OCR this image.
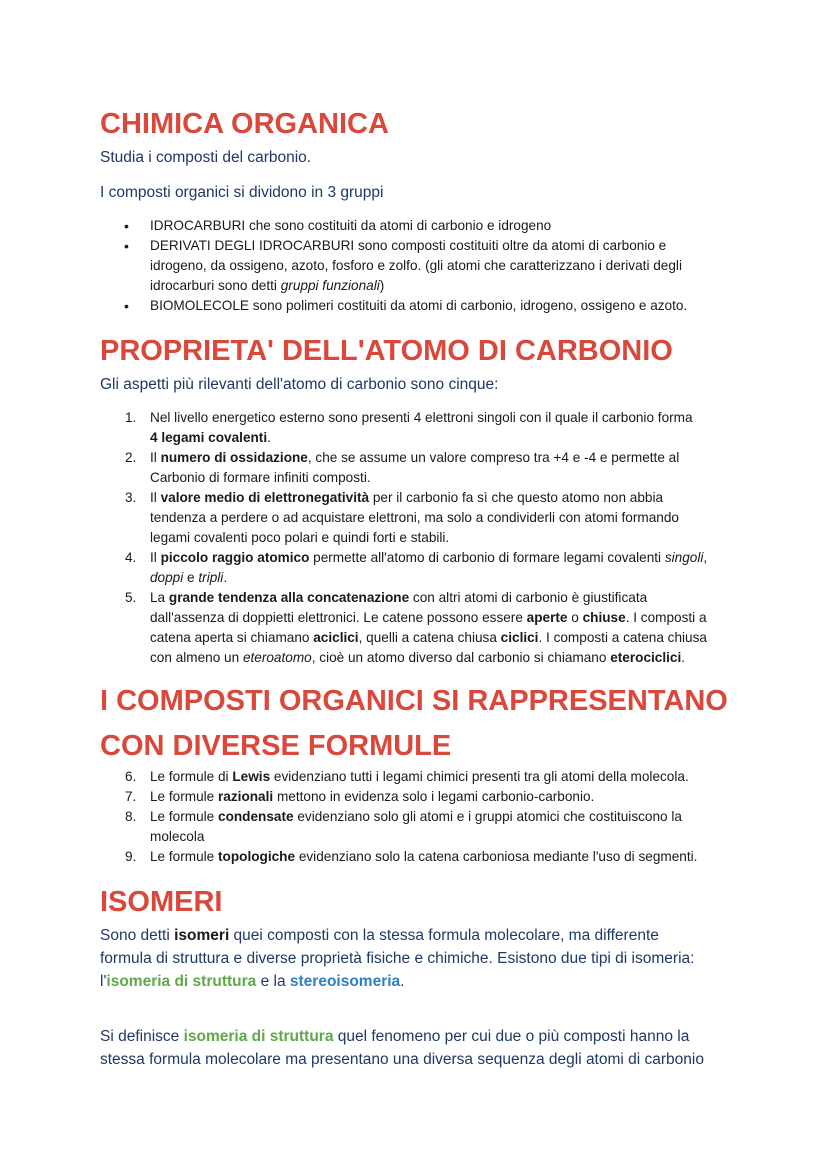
CHIMICA ORGANICA
Studia i composti del carbonio.
I composti organici si dividono in 3 gruppi
• IDROCARBURI che sono costituiti da atomi di carbonio e idrogeno
• DERIVATI DEGLI IDROCARBURI sono composti costituiti oltre da atomi di carbonio e
idrogeno, da ossigeno, azoto, fosforo e zolfo. (gli atomi che caratterizzano i derivati degli
idrocarburi sono detti gruppi funzionali)
• BIOMOLECOLE sono polimeri costituiti da atomi di carbonio, idrogeno, ossigeno e azoto.
PROPRIETA' DELL'ATOMO DI CARBONIO
Gli aspetti più rilevanti dell'atomo di carbonio sono cinque:
1. Nel livello energetico esterno sono presenti 4 elettroni singoli con il quale il carbonio forma
4 legami covalenti.
2. Il numero di ossidazione, che se assume un valore compreso tra +4 e -4 e permette al
Carbonio di formare infiniti composti.
3. Il valore medio di elettronegatività per il carbonio fa sì che questo atomo non abbia
tendenza a perdere o ad acquistare elettroni, ma solo a condividerli con atomi formando
legami covalenti poco polari e quindi forti e stabili.
4. Il piccolo raggio atomico permette all'atomo di carbonio di formare legami covalenti singoli,
doppi e tripli.
5. La grande tendenza alla concatenazione con altri atomi di carbonio è giustificata
dall'assenza di doppietti elettronici. Le catene possono essere aperte o chiuse. I composti a
catena aperta si chiamano aciclici, quelli a catena chiusa ciclici. I composti a catena chiusa
con almeno un eteroatomo, cioè un atomo diverso dal carbonio si chiamano eterociclici.
I COMPOSTI ORGANICI SI RAPPRESENTANO
CON DIVERSE FORMULE
6. Le formule di Lewis evidenziano tutti i legami chimici presenti tra gli atomi della molecola.
7. Le formule razionali mettono in evidenza solo i legami carbonio-carbonio.
8. Le formule condensate evidenziano solo gli atomi e i gruppi atomici che costituiscono la
molecola
9. Le formule topologiche evidenziano solo la catena carboniosa mediante l'uso di segmenti.
ISOMERI
Sono detti isomeri quei composti con la stessa formula molecolare, ma differente
formula di struttura e diverse proprietà fisiche e chimiche. Esistono due tipi di isomeria:
l'isomeria di struttura e la stereoisomeria.
Si definisce isomeria di struttura quel fenomeno per cui due o più composti hanno la
stessa formula molecolare ma presentano una diversa sequenza degli atomi di carbonio
